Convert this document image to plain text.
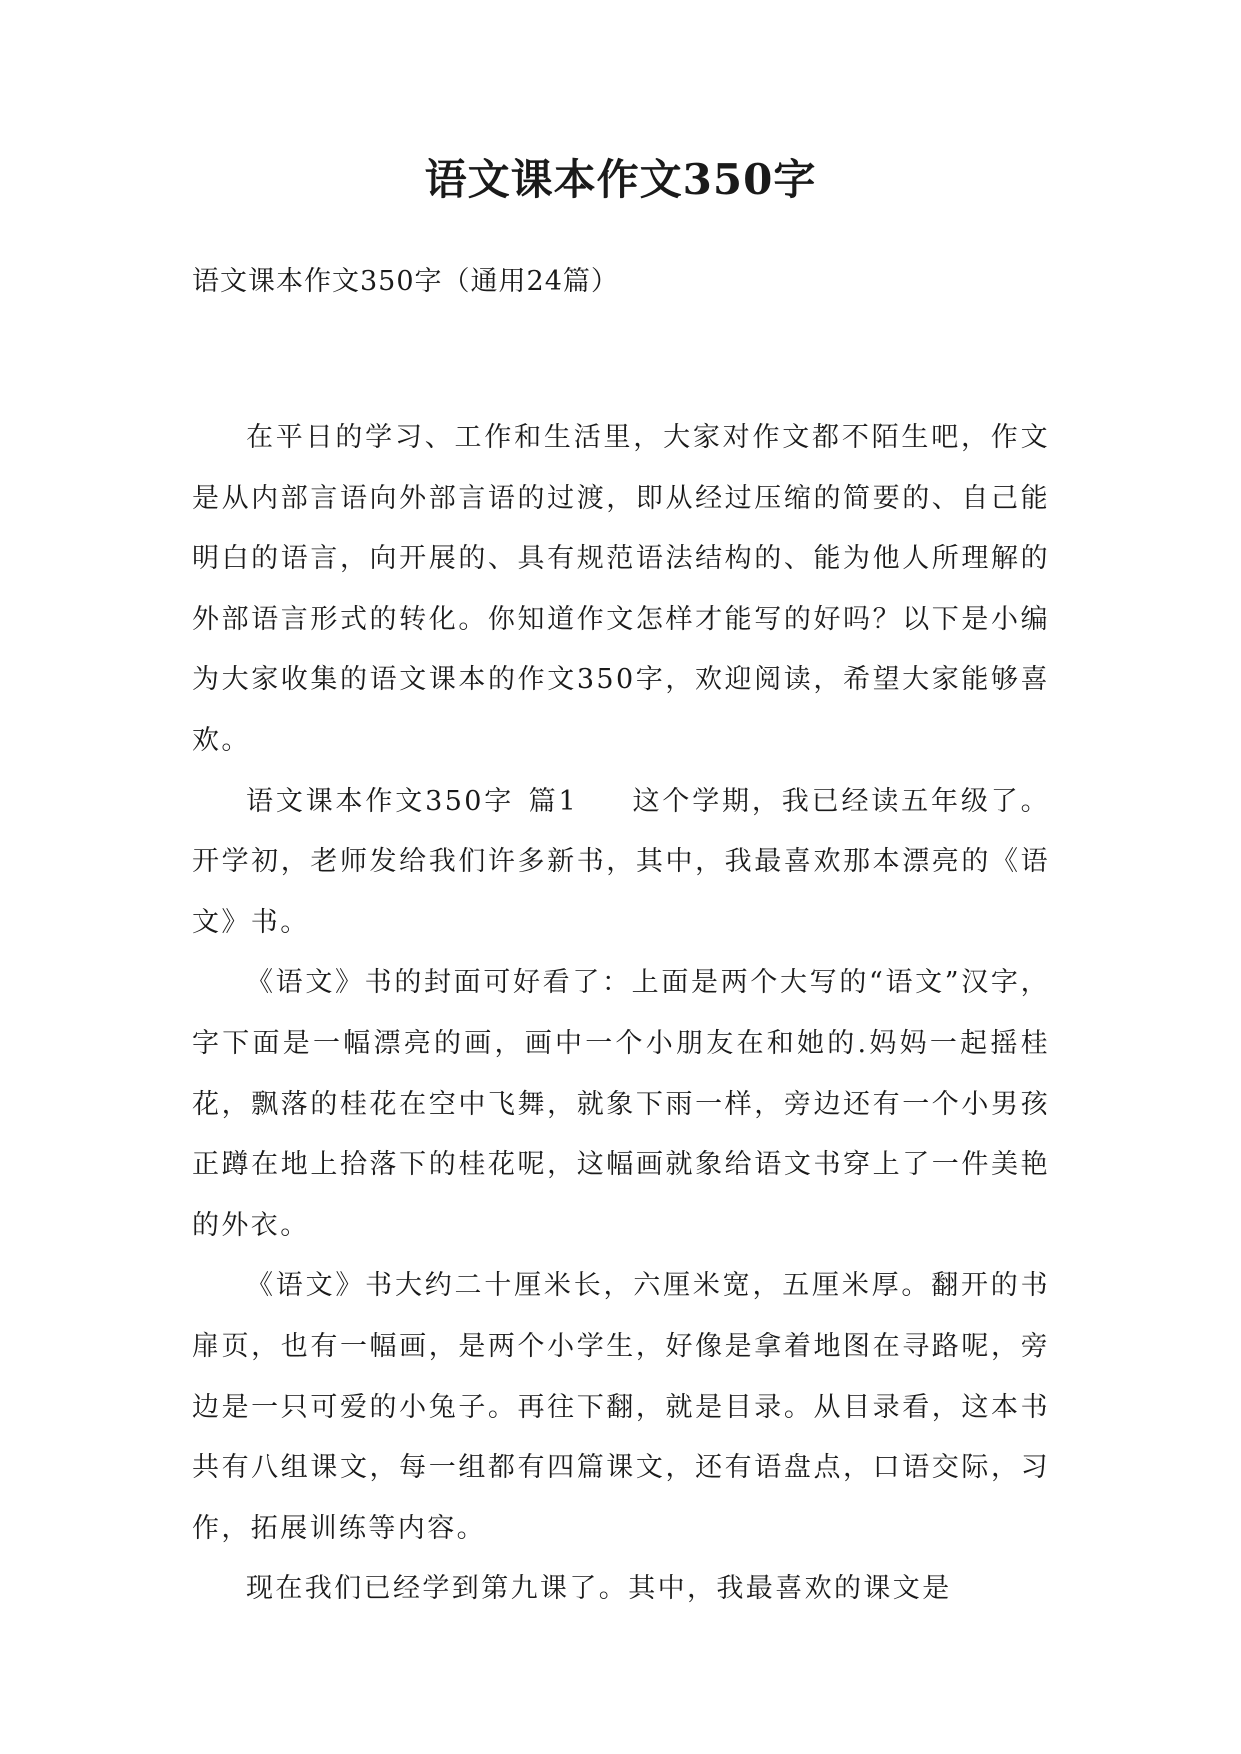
语文课本作文350字
语文课本作文350字（通用24篇）

在平日的学习、工作和生活里，大家对作文都不陌生吧，作文是从内部言语向外部言语的过渡，即从经过压缩的简要的、自己能明白的语言，向开展的、具有规范语法结构的、能为他人所理解的外部语言形式的转化。你知道作文怎样才能写的好吗？以下是小编为大家收集的语文课本的作文350字，欢迎阅读，希望大家能够喜欢。

语文课本作文350字 篇1 这个学期，我已经读五年级了。开学初，老师发给我们许多新书，其中，我最喜欢那本漂亮的《语文》书。

《语文》书的封面可好看了：上面是两个大写的“语文”汉字，字下面是一幅漂亮的画，画中一个小朋友在和她的.妈妈一起摇桂花，飘落的桂花在空中飞舞，就象下雨一样，旁边还有一个小男孩正蹲在地上拾落下的桂花呢，这幅画就象给语文书穿上了一件美艳的外衣。

《语文》书大约二十厘米长，六厘米宽，五厘米厚。翻开的书扉页，也有一幅画，是两个小学生，好像是拿着地图在寻路呢，旁边是一只可爱的小兔子。再往下翻，就是目录。从目录看，这本书共有八组课文，每一组都有四篇课文，还有语盘点，口语交际，习作，拓展训练等内容。

现在我们已经学到第九课了。其中，我最喜欢的课文是
